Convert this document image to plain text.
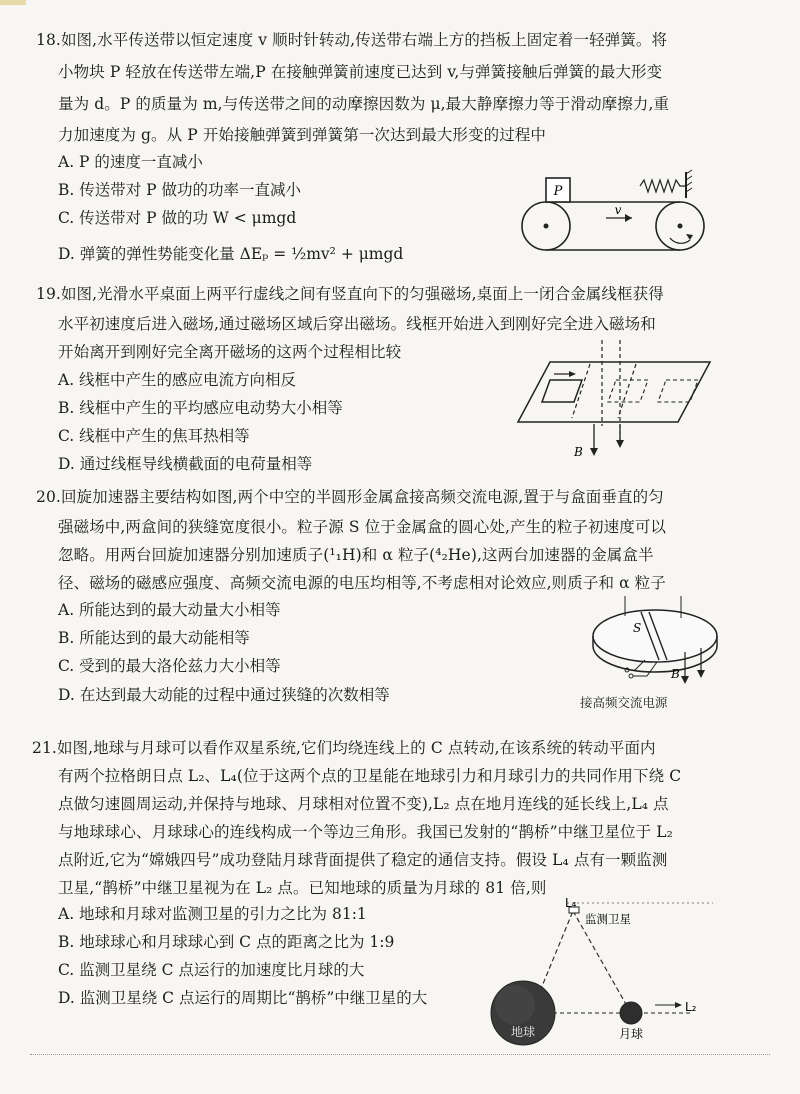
18.如图,水平传送带以恒定速度 v 顺时针转动,传送带右端上方的挡板上固定着一轻弹簧。将
小物块 P 轻放在传送带左端,P 在接触弹簧前速度已达到 v,与弹簧接触后弹簧的最大形变
量为 d。P 的质量为 m,与传送带之间的动摩擦因数为 μ,最大静摩擦力等于滑动摩擦力,重
力加速度为 g。从 P 开始接触弹簧到弹簧第一次达到最大形变的过程中
A. P 的速度一直减小
B. 传送带对 P 做功的功率一直减小
C. 传送带对 P 做的功 W < μmgd
D. 弹簧的弹性势能变化量 ΔEₚ = ½mv² + μmgd
P
v
19.如图,光滑水平桌面上两平行虚线之间有竖直向下的匀强磁场,桌面上一闭合金属线框获得
水平初速度后进入磁场,通过磁场区域后穿出磁场。线框开始进入到刚好完全进入磁场和
开始离开到刚好完全离开磁场的这两个过程相比较
A. 线框中产生的感应电流方向相反
B. 线框中产生的平均感应电动势大小相等
C. 线框中产生的焦耳热相等
D. 通过线框导线横截面的电荷量相等
B
20.回旋加速器主要结构如图,两个中空的半圆形金属盒接高频交流电源,置于与盒面垂直的匀
强磁场中,两盒间的狭缝宽度很小。粒子源 S 位于金属盒的圆心处,产生的粒子初速度可以
忽略。用两台回旋加速器分别加速质子(¹₁H)和 α 粒子(⁴₂He),这两台加速器的金属盒半
径、磁场的磁感应强度、高频交流电源的电压均相等,不考虑相对论效应,则质子和 α 粒子
A. 所能达到的最大动量大小相等
B. 所能达到的最大动能相等
C. 受到的最大洛伦兹力大小相等
D. 在达到最大动能的过程中通过狭缝的次数相等
S
B
接高频交流电源
21.如图,地球与月球可以看作双星系统,它们均绕连线上的 C 点转动,在该系统的转动平面内
有两个拉格朗日点 L₂、L₄(位于这两个点的卫星能在地球引力和月球引力的共同作用下绕 C
点做匀速圆周运动,并保持与地球、月球相对位置不变),L₂ 点在地月连线的延长线上,L₄ 点
与地球球心、月球球心的连线构成一个等边三角形。我国已发射的“鹊桥”中继卫星位于 L₂
点附近,它为“嫦娥四号”成功登陆月球背面提供了稳定的通信支持。假设 L₄ 点有一颗监测
卫星,“鹊桥”中继卫星视为在 L₂ 点。已知地球的质量为月球的 81 倍,则
A. 地球和月球对监测卫星的引力之比为 81:1
B. 地球球心和月球球心到 C 点的距离之比为 1:9
C. 监测卫星绕 C 点运行的加速度比月球的大
D. 监测卫星绕 C 点运行的周期比“鹊桥”中继卫星的大
L₄
监测卫星
地球	月球
L₂
